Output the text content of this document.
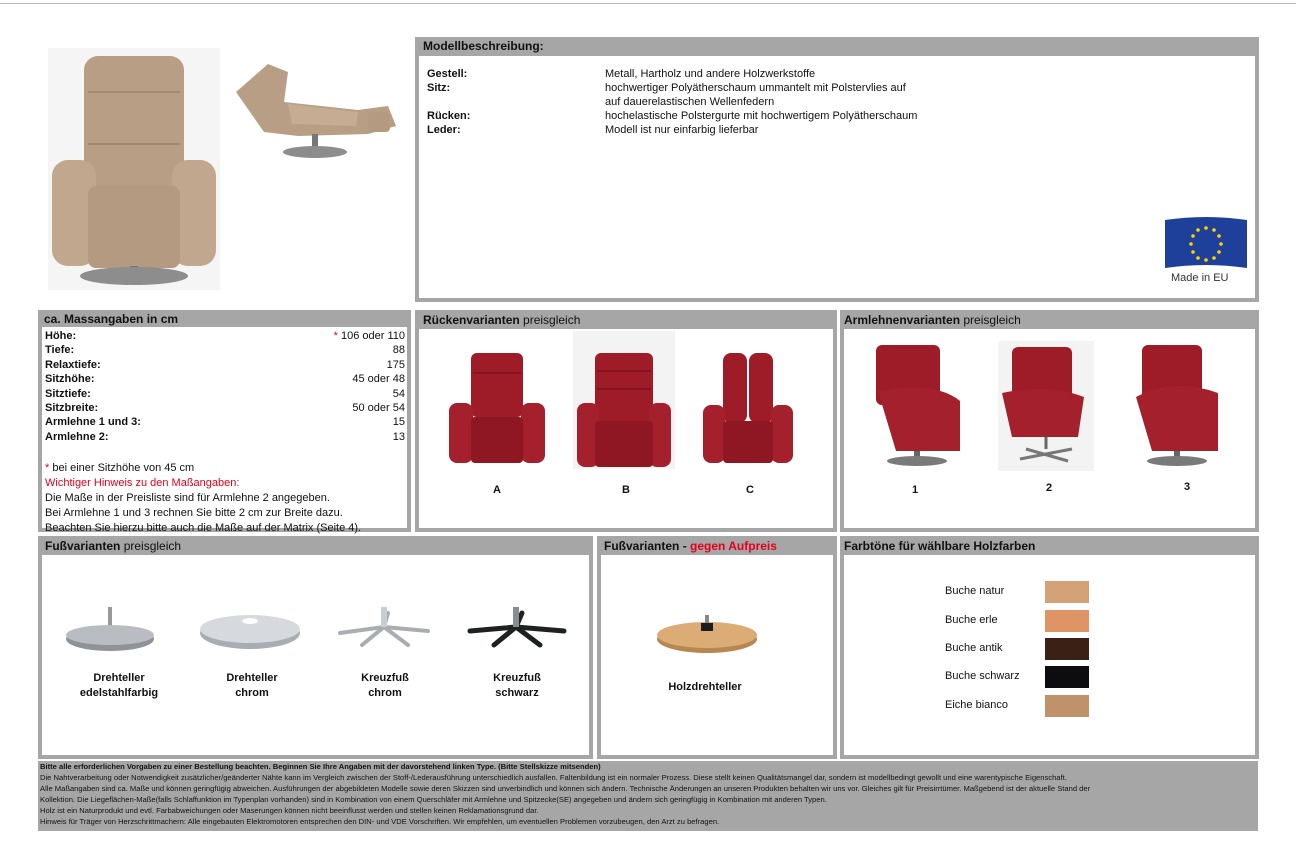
Modellbeschreibung:
Gestell:	Metall, Hartholz und andere Holzwerkstoffe
Sitz:	hochwertiger Polyätherschaum ummantelt mit Polstervlies auf
auf dauerelastischen Wellenfedern
Rücken:	hochelastische Polstergurte mit hochwertigem Polyätherschaum
Leder:	Modell ist nur einfarbig lieferbar
Made in EU
ca. Massangaben in cm
Höhe:	* 106 oder 110
Tiefe:	88
Relaxtiefe:	175
Sitzhöhe:	45 oder 48
Sitztiefe:	54
Sitzbreite:	50 oder 54
Armlehne 1 und 3:	15
Armlehne 2:	13
* bei einer Sitzhöhe von 45 cm
Wichtiger Hinweis zu den Maßangaben:
Die Maße in der Preisliste sind für Armlehne 2 angegeben.
Bei Armlehne 1 und 3 rechnen Sie bitte 2 cm zur Breite dazu.
Beachten Sie hierzu bitte auch die Maße auf der Matrix (Seite 4).
Rückenvarianten preisgleich
A	B	C
Armlehnenvarianten preisgleich
1	2	3
Fußvarianten preisgleich
Drehteller
edelstahlfarbig
Drehteller
chrom
Kreuzfuß
chrom
Kreuzfuß
schwarz
Fußvarianten - gegen Aufpreis
Holzdrehteller
Farbtöne für wählbare Holzfarben
Buche natur
Buche erle
Buche antik
Buche schwarz
Eiche bianco
Bitte alle erforderlichen Vorgaben zu einer Bestellung beachten. Beginnen Sie Ihre Angaben mit der davorstehend linken Type. (Bitte Stellskizze mitsenden)
Die Nahtverarbeitung oder Notwendigkeit zusätzlicher/geänderter Nähte kann im Vergleich zwischen der Stoff-/Lederausführung unterschiedlich ausfallen. Faltenbildung ist ein normaler Prozess. Diese stellt keinen Qualitätsmangel dar, sondern ist modellbedingt gewollt und eine warentypische Eigenschaft.
Alle Maßangaben sind ca. Maße und können geringfügig abweichen. Ausführungen der abgebildeten Modelle sowie deren Skizzen sind unverbindlich und können sich ändern. Technische Änderungen an unseren Produkten behalten wir uns vor. Gleiches gilt für Preisirrtümer. Maßgebend ist der aktuelle Stand der
Kollektion. Die Liegeflächen-Maße(falls Schlaffunktion im Typenplan vorhanden) sind in Kombination von einem Querschläfer mit Armlehne und Spitzecke(SE) angegeben und ändern sich geringfügig in Kombination mit anderen Typen.
Holz ist ein Naturprodukt und evtl. Farbabweichungen oder Maserungen können nicht beeinflusst werden und stellen keinen Reklamationsgrund dar.
Hinweis für Träger von Herzschrittmachern: Alle eingebauten Elektromotoren entsprechen den DIN- und VDE Vorschriften. Wir empfehlen, um eventuellen Problemen vorzubeugen, den Arzt zu befragen.
